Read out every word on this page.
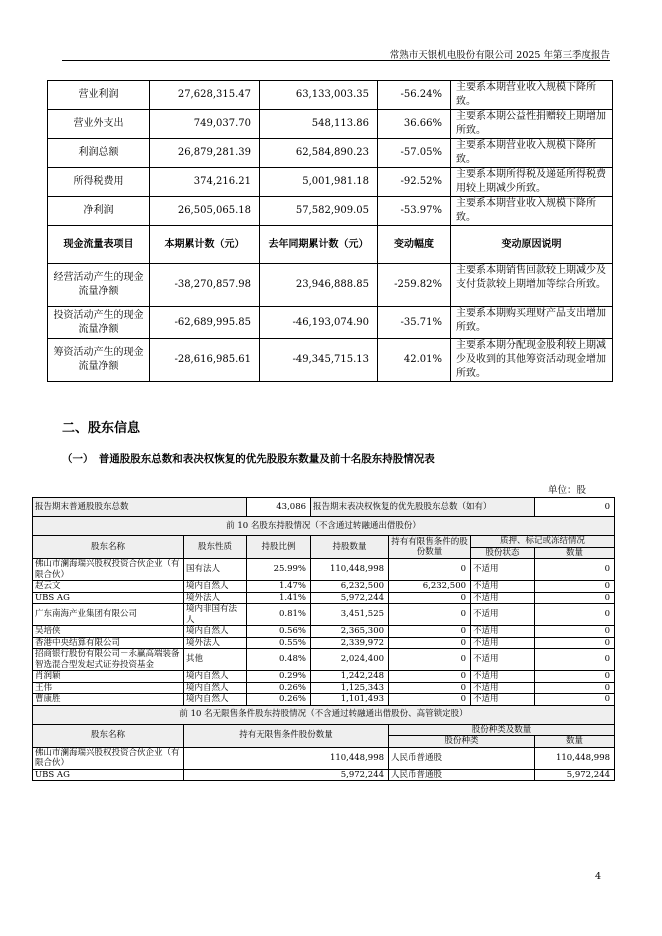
常熟市天银机电股份有限公司 2025 年第三季度报告
营业利润	27,628,315.47	63,133,003.35	-56.24%	主要系本期营业收入规模下降所致。
营业外支出	749,037.70	548,113.86	36.66%	主要系本期公益性捐赠较上期增加所致。
利润总额	26,879,281.39	62,584,890.23	-57.05%	主要系本期营业收入规模下降所致。
所得税费用	374,216.21	5,001,981.18	-92.52%	主要系本期所得税及递延所得税费用较上期减少所致。
净利润	26,505,065.18	57,582,909.05	-53.97%	主要系本期营业收入规模下降所致。
现金流量表项目	本期累计数（元）	去年同期累计数（元）	变动幅度	变动原因说明
经营活动产生的现金流量净额	-38,270,857.98	23,946,888.85	-259.82%	主要系本期销售回款较上期减少及支付货款较上期增加等综合所致。
投资活动产生的现金流量净额	-62,689,995.85	-46,193,074.90	-35.71%	主要系本期购买理财产品支出增加所致。
筹资活动产生的现金流量净额	-28,616,985.61	-49,345,715.13	42.01%	主要系本期分配现金股利较上期减少及收到的其他筹资活动现金增加所致。
二、股东信息
（一）　普通股股东总数和表决权恢复的优先股股东数量及前十名股东持股情况表
单位：股
报告期末普通股股东总数		43,086	报告期末表决权恢复的优先股股东总数（如有）			0
前 10 名股东持股情况（不含通过转融通出借股份）						
股东名称	股东性质	持股比例	持股数量	持有有限售条件的股份数量	质押、标记或冻结情况	
					股份状态	数量
佛山市澜海瑞兴股权投资合伙企业（有限合伙）	国有法人	25.99%	110,448,998	0	不适用	0
赵云文	境内自然人	1.47%	6,232,500	6,232,500	不适用	0
UBS AG	境外法人	1.41%	5,972,244	0	不适用	0
广东南海产业集团有限公司	境内非国有法人	0.81%	3,451,525	0	不适用	0
吴培侠	境内自然人	0.56%	2,365,300	0	不适用	0
香港中央结算有限公司	境外法人	0.55%	2,339,972	0	不适用	0
招商银行股份有限公司－永赢高端装备智选混合型发起式证券投资基金	其他	0.48%	2,024,400	0	不适用	0
肖润颖	境内自然人	0.29%	1,242,248	0	不适用	0
王伟	境内自然人	0.26%	1,125,343	0	不适用	0
曹康胜	境内自然人	0.26%	1,101,493	0	不适用	0
前 10 名无限售条件股东持股情况（不含通过转融通出借股份、高管锁定股）						
股东名称	持有无限售条件股份数量			股份种类及数量		
				股份种类		数量
佛山市澜海瑞兴股权投资合伙企业（有限合伙）	110,448,998			人民币普通股		110,448,998
UBS AG	5,972,244			人民币普通股		5,972,244
4
